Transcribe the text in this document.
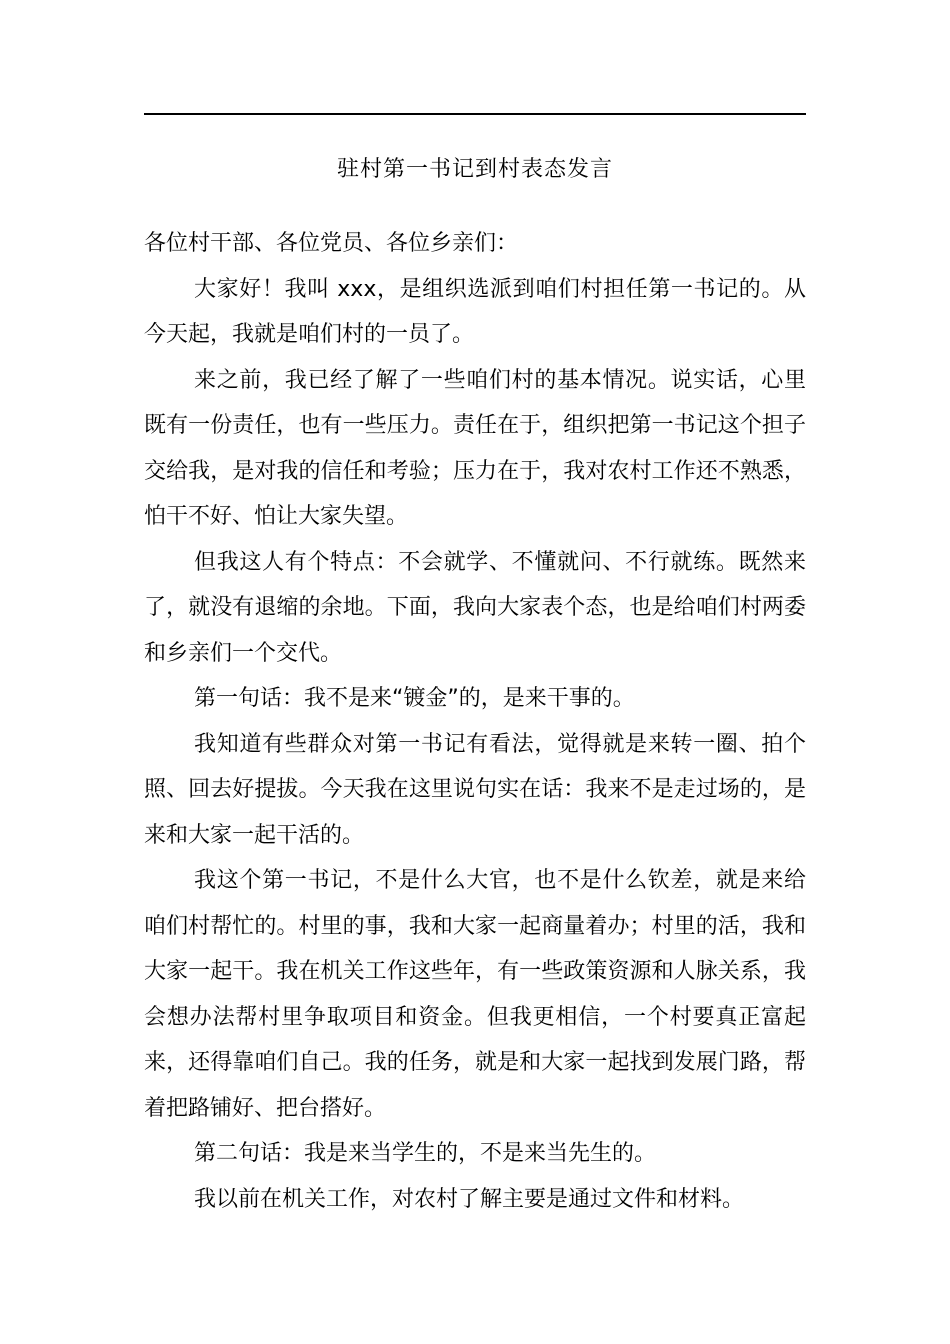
驻村第一书记到村表态发言

各位村干部、各位党员、各位乡亲们：

大家好！我叫 xxx，是组织选派到咱们村担任第一书记的。从今天起，我就是咱们村的一员了。

来之前，我已经了解了一些咱们村的基本情况。说实话，心里既有一份责任，也有一些压力。责任在于，组织把第一书记这个担子交给我，是对我的信任和考验；压力在于，我对农村工作还不熟悉，怕干不好、怕让大家失望。

但我这人有个特点：不会就学、不懂就问、不行就练。既然来了，就没有退缩的余地。下面，我向大家表个态，也是给咱们村两委和乡亲们一个交代。

第一句话：我不是来“镀金”的，是来干事的。

我知道有些群众对第一书记有看法，觉得就是来转一圈、拍个照、回去好提拔。今天我在这里说句实在话：我来不是走过场的，是来和大家一起干活的。

我这个第一书记，不是什么大官，也不是什么钦差，就是来给咱们村帮忙的。村里的事，我和大家一起商量着办；村里的活，我和大家一起干。我在机关工作这些年，有一些政策资源和人脉关系，我会想办法帮村里争取项目和资金。但我更相信，一个村要真正富起来，还得靠咱们自己。我的任务，就是和大家一起找到发展门路，帮着把路铺好、把台搭好。

第二句话：我是来当学生的，不是来当先生的。

我以前在机关工作，对农村了解主要是通过文件和材料。
